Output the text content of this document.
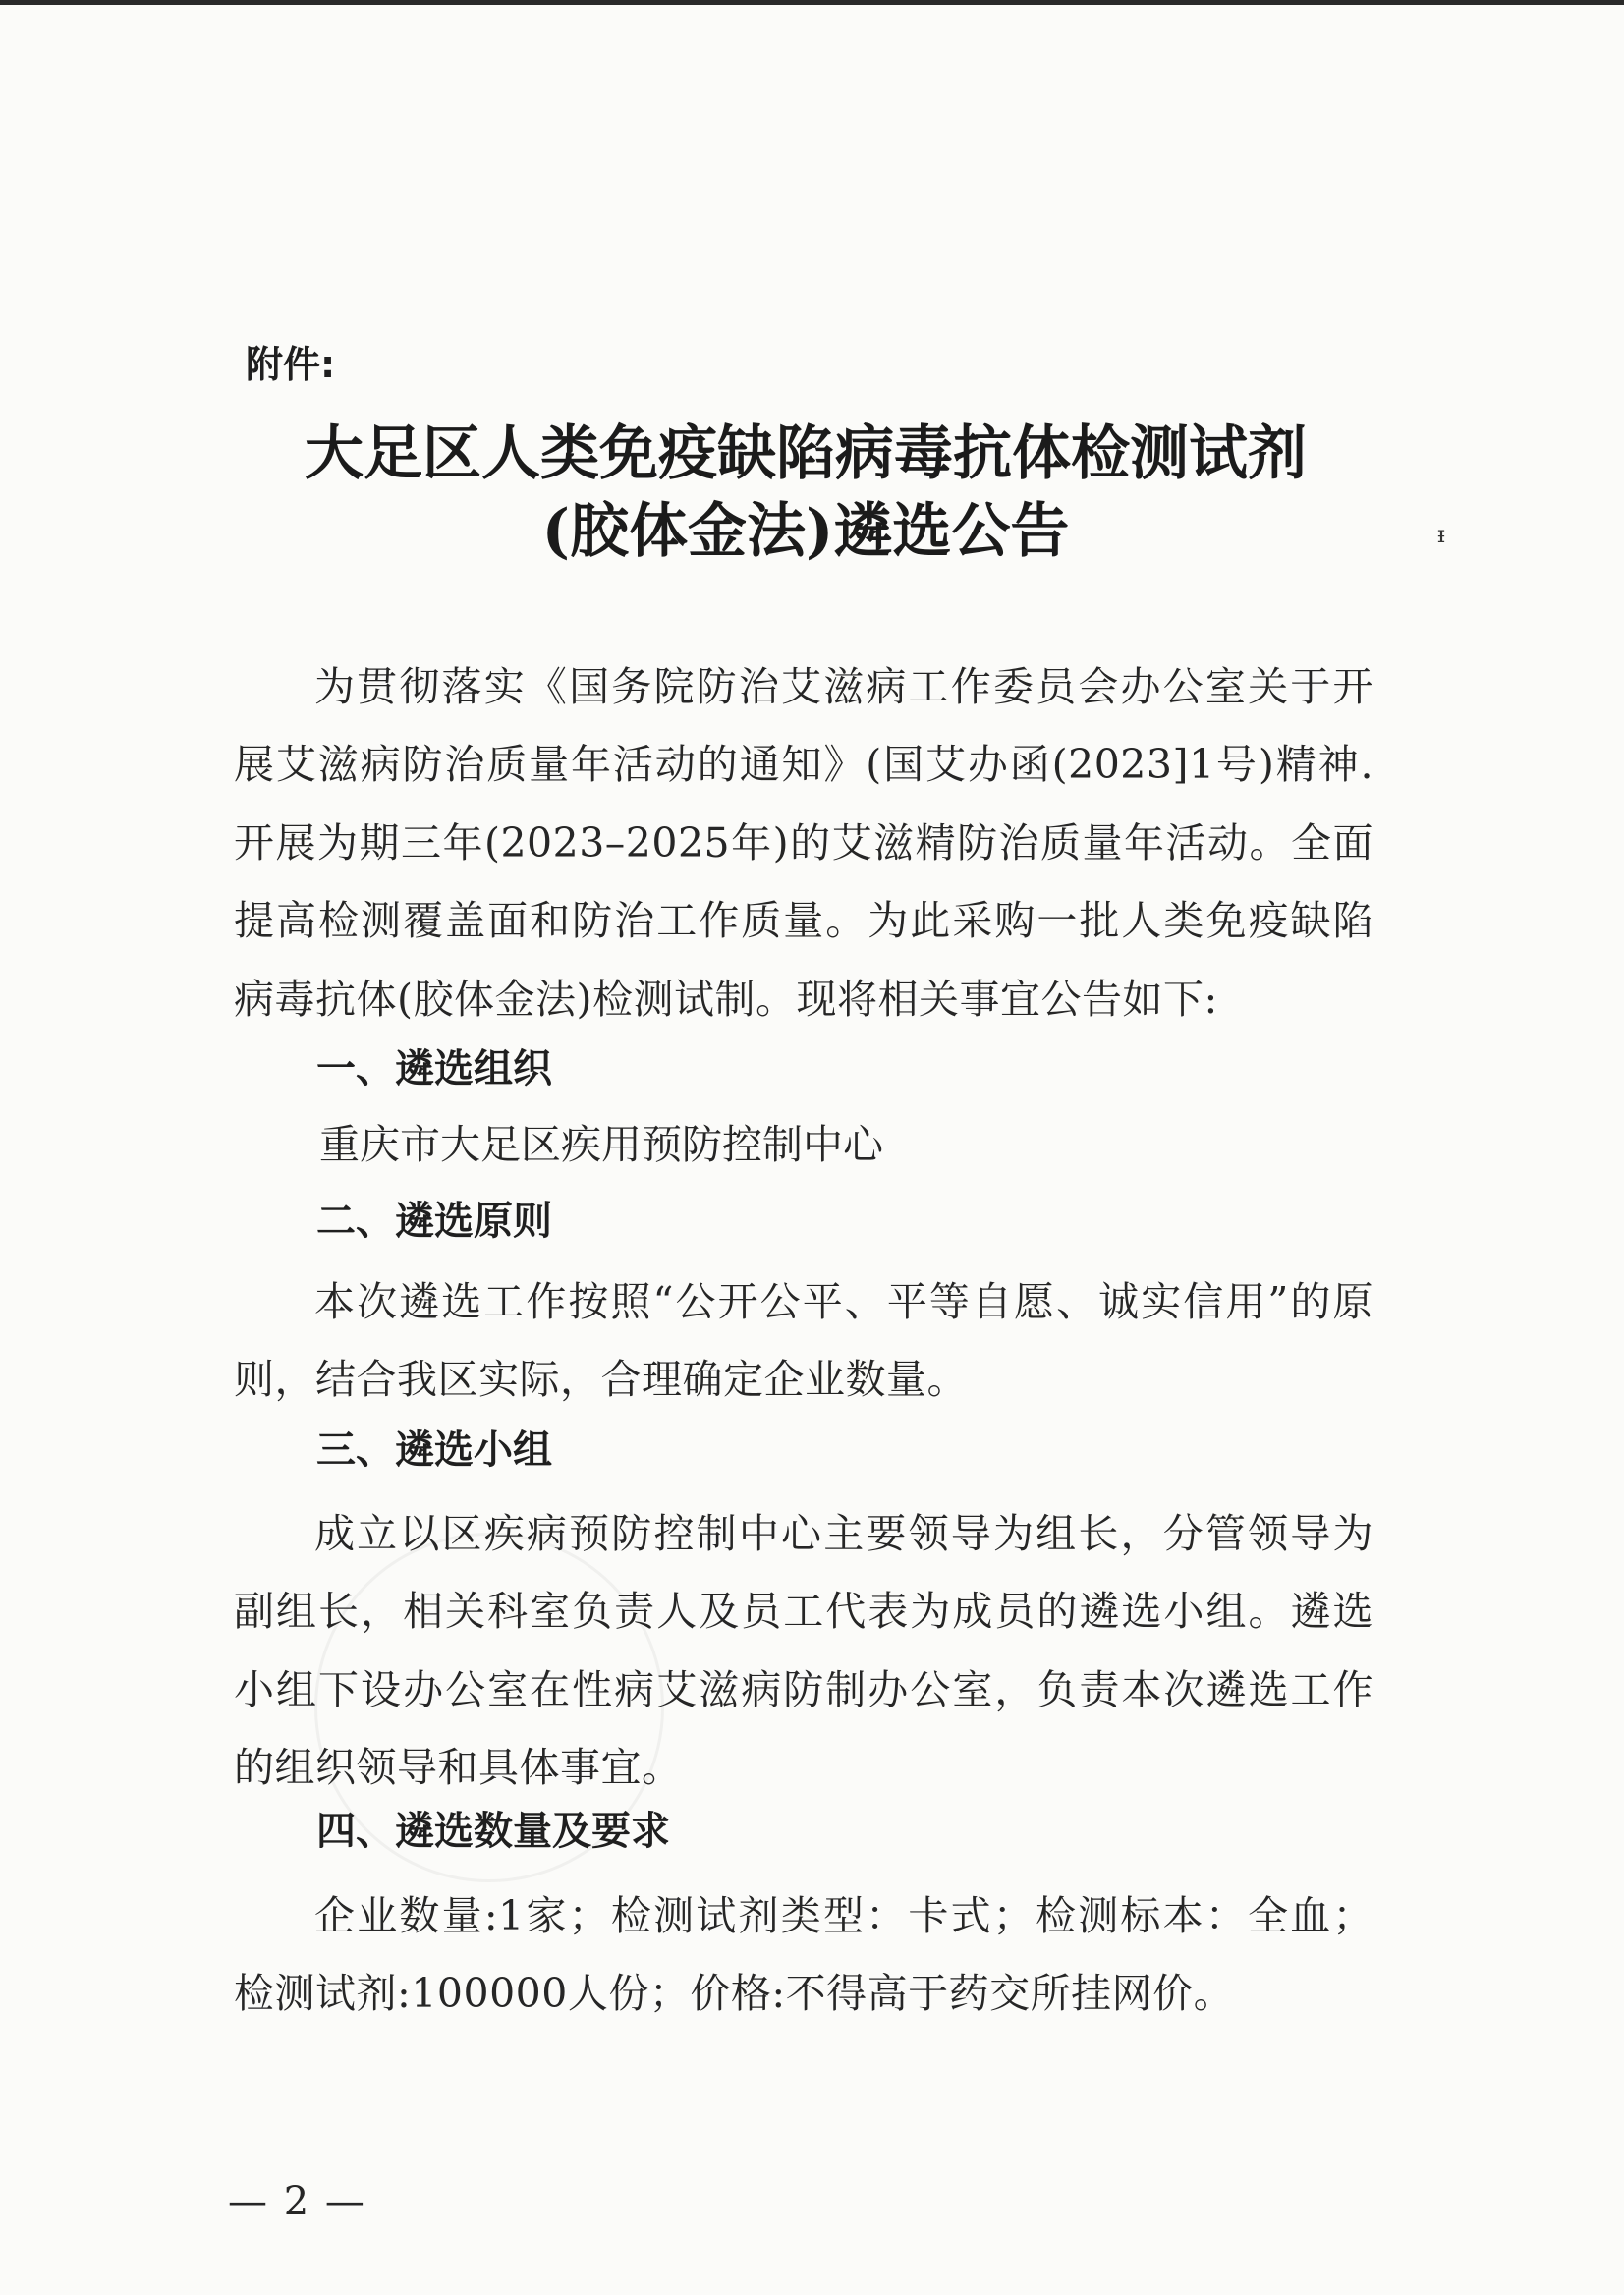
附件:
大足区人类免疫缺陷病毒抗体检测试剂
(胶体金法)遴选公告	ᵻ
为贯彻落实《国务院防治艾滋病工作委员会办公室关于开展艾滋病防治质量年活动的通知》(国艾办函(2023]1号)精神.开展为期三年(2023–2025年)的艾滋精防治质量年活动。全面提高检测覆盖面和防治工作质量。为此采购一批人类免疫缺陷病毒抗体(胶体金法)检测试制。现将相关事宜公告如下:
一、遴选组织
重庆市大足区疾用预防控制中心
二、遴选原则
本次遴选工作按照“公开公平、平等自愿、诚实信用”的原则，结合我区实际，合理确定企业数量。
三、遴选小组
成立以区疾病预防控制中心主要领导为组长，分管领导为副组长，相关科室负责人及员工代表为成员的遴选小组。遴选小组下设办公室在性病艾滋病防制办公室，负责本次遴选工作的组织领导和具体事宜。
四、遴选数量及要求
企业数量:1家；检测试剂类型：卡式；检测标本：全血；检测试剂:100000人份；价格:不得高于药交所挂网价。
— 2 —
